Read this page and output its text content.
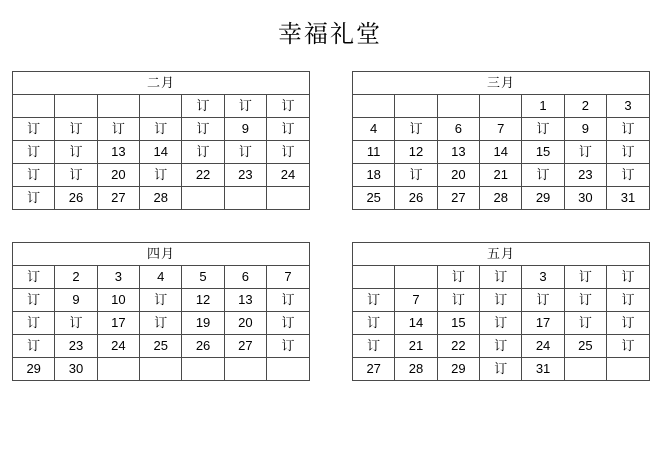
幸福礼堂
二月						
				订	订	订
订	订	订	订	订	9	订
订	订	13	14	订	订	订
订	订	20	订	22	23	24
订	26	27	28			
三月						
				1	2	3
4	订	6	7	订	9	订
11	12	13	14	15	订	订
18	订	20	21	订	23	订
25	26	27	28	29	30	31
四月						
订	2	3	4	5	6	7
订	9	10	订	12	13	订
订	订	17	订	19	20	订
订	23	24	25	26	27	订
29	30					
五月						
		订	订	3	订	订
订	7	订	订	订	订	订
订	14	15	订	17	订	订
订	21	22	订	24	25	订
27	28	29	订	31		
